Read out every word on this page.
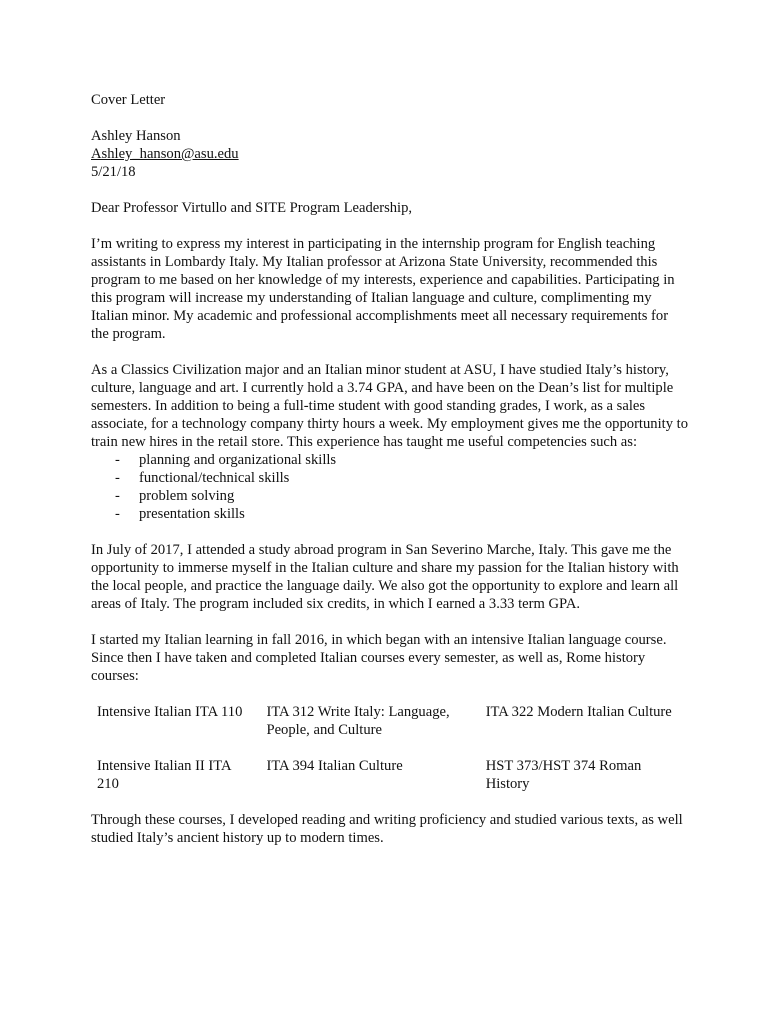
Cover Letter

Ashley Hanson

Ashley_hanson@asu.edu

5/21/18

Dear Professor Virtullo and SITE Program Leadership,

I’m writing to express my interest in participating in the internship program for English teaching assistants in Lombardy Italy. My Italian professor at Arizona State University, recommended this program to me based on her knowledge of my interests, experience and capabilities. Participating in this program will increase my understanding of Italian language and culture, complimenting my Italian minor. My academic and professional accomplishments meet all necessary requirements for the program.

As a Classics Civilization major and an Italian minor student at ASU, I have studied Italy’s history, culture, language and art. I currently hold a 3.74 GPA, and have been on the Dean’s list for multiple semesters. In addition to being a full-time student with good standing grades, I work, as a sales associate, for a technology company thirty hours a week. My employment gives me the opportunity to train new hires in the retail store. This experience has taught me useful competencies such as:

-	planning and organizational skills
-	functional/technical skills
-	problem solving
-	presentation skills

In July of 2017, I attended a study abroad program in San Severino Marche, Italy. This gave me the opportunity to immerse myself in the Italian culture and share my passion for the Italian history with the local people, and practice the language daily. We also got the opportunity to explore and learn all areas of Italy. The program included six credits, in which I earned a 3.33 term GPA.

I started my Italian learning in fall 2016, in which began with an intensive Italian language course. Since then I have taken and completed Italian courses every semester, as well as, Rome history courses:

Intensive Italian ITA 110	ITA 312 Write Italy: Language, People, and Culture	ITA 322 Modern Italian Culture
Intensive Italian II ITA 210	ITA 394 Italian Culture	HST 373/HST 374 Roman History

Through these courses, I developed reading and writing proficiency and studied various texts, as well studied Italy’s ancient history up to modern times.
